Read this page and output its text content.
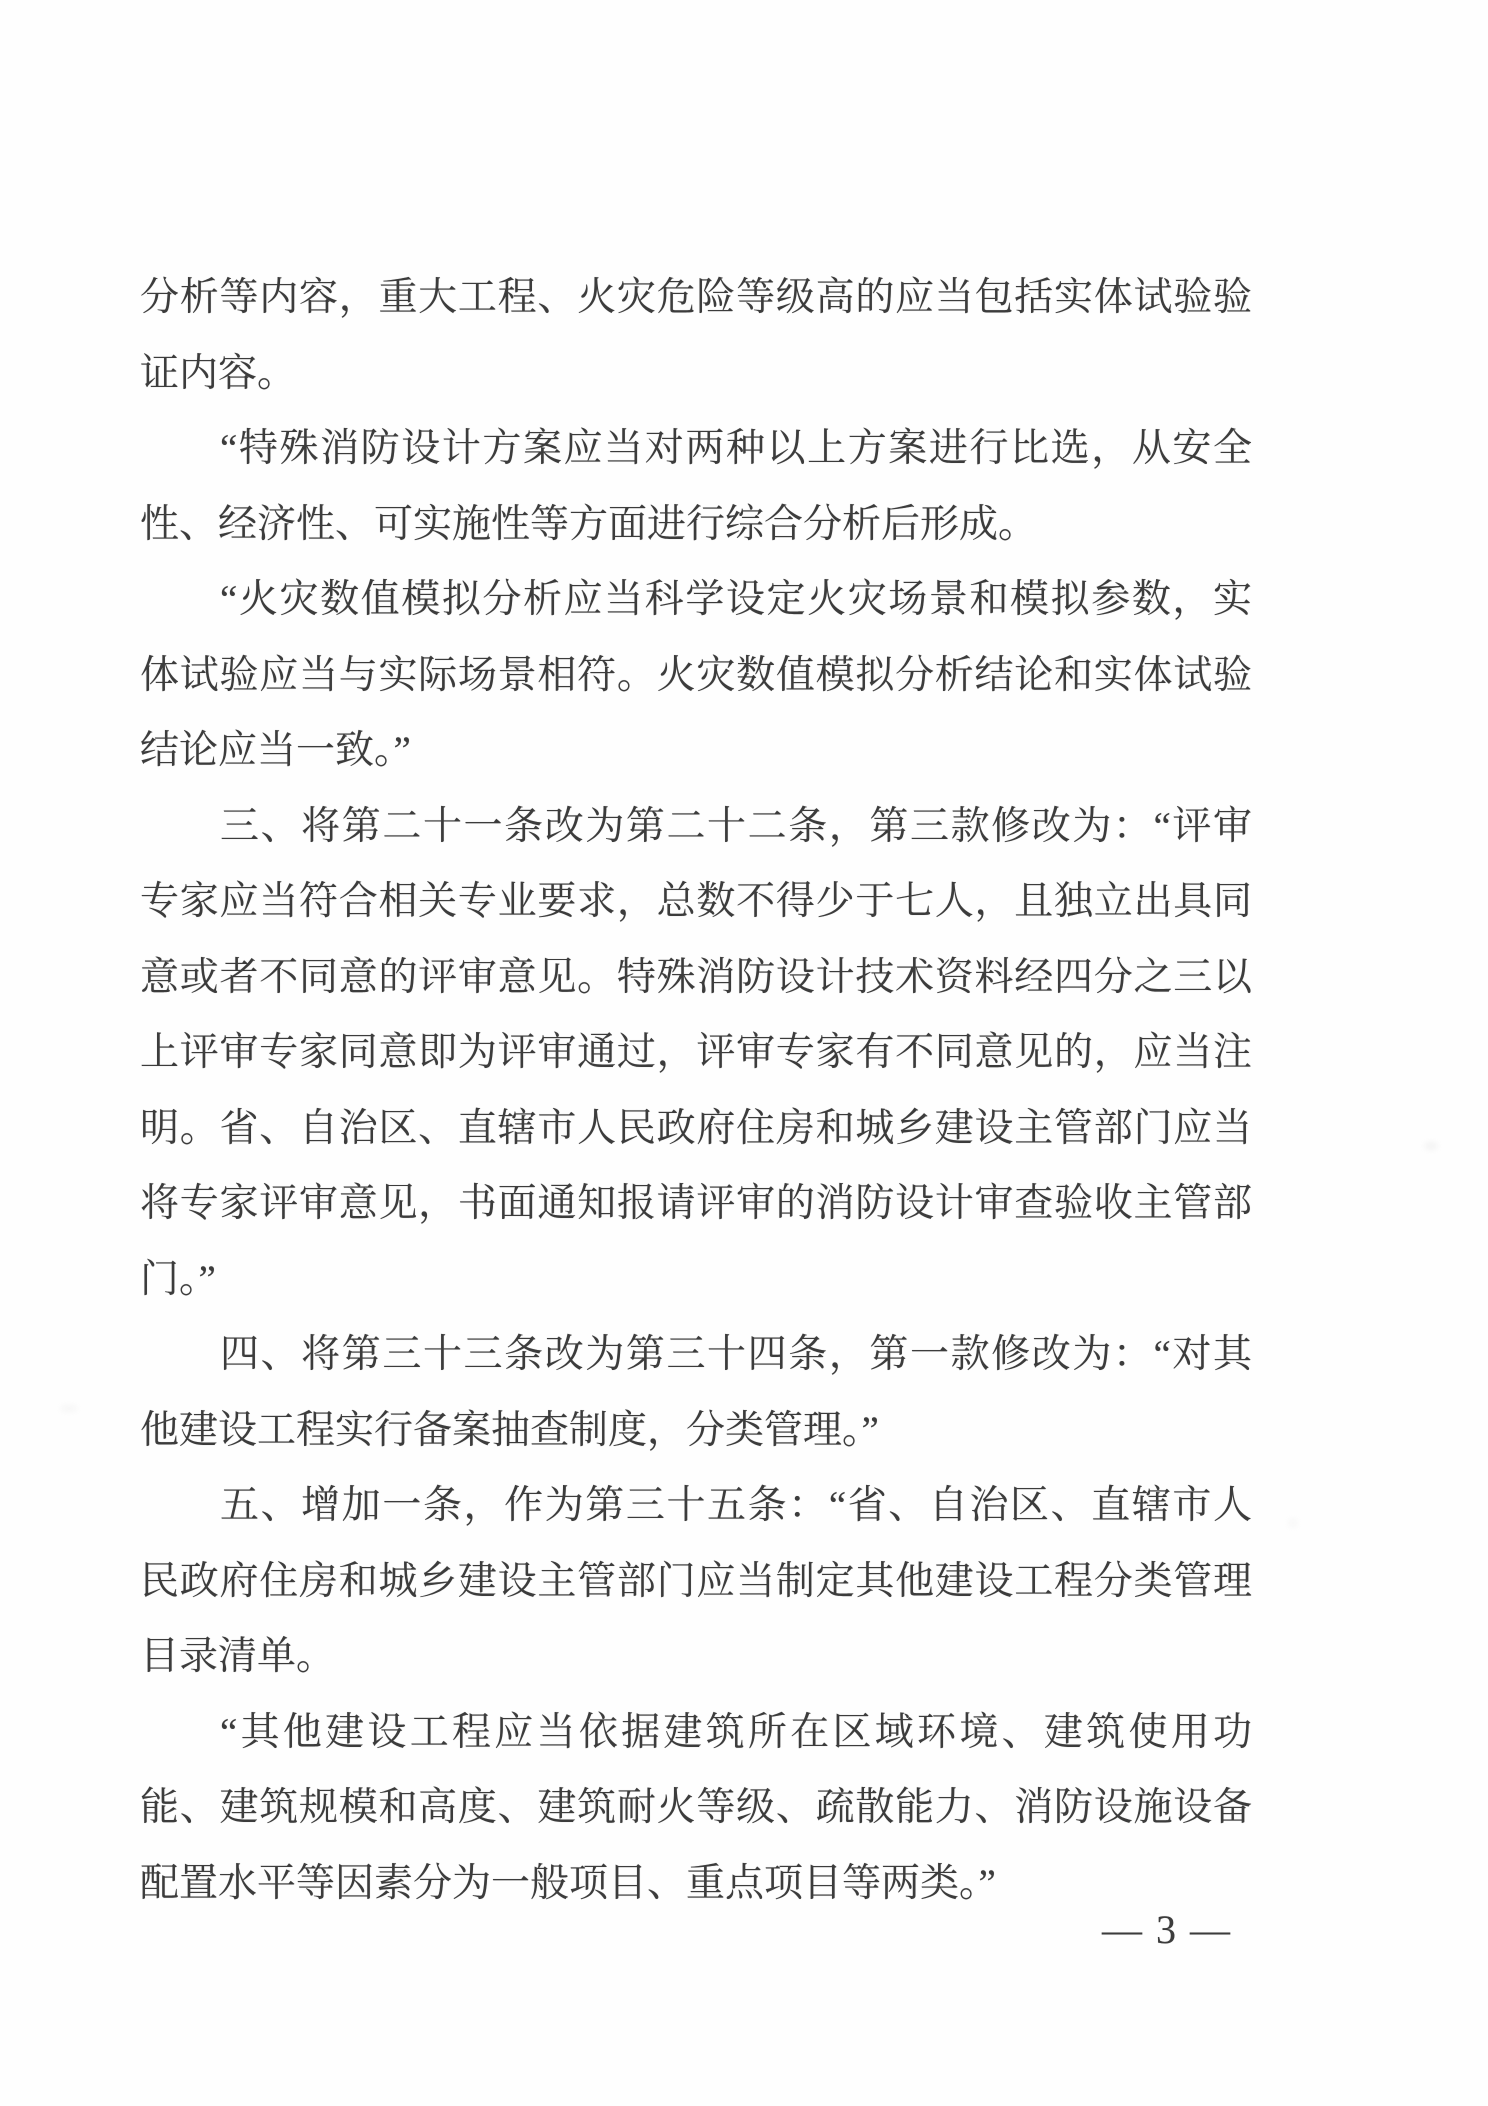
分析等内容，重大工程、火灾危险等级高的应当包括实体试验验
证内容。
“特殊消防设计方案应当对两种以上方案进行比选，从安全
性、经济性、可实施性等方面进行综合分析后形成。
“火灾数值模拟分析应当科学设定火灾场景和模拟参数，实
体试验应当与实际场景相符。火灾数值模拟分析结论和实体试验
结论应当一致。”
三、将第二十一条改为第二十二条，第三款修改为：“评审
专家应当符合相关专业要求，总数不得少于七人，且独立出具同
意或者不同意的评审意见。特殊消防设计技术资料经四分之三以
上评审专家同意即为评审通过，评审专家有不同意见的，应当注
明。省、自治区、直辖市人民政府住房和城乡建设主管部门应当
将专家评审意见，书面通知报请评审的消防设计审查验收主管部
门。”
四、将第三十三条改为第三十四条，第一款修改为：“对其
他建设工程实行备案抽查制度，分类管理。”
五、增加一条，作为第三十五条：“省、自治区、直辖市人
民政府住房和城乡建设主管部门应当制定其他建设工程分类管理
目录清单。
“其他建设工程应当依据建筑所在区域环境、建筑使用功
能、建筑规模和高度、建筑耐火等级、疏散能力、消防设施设备
配置水平等因素分为一般项目、重点项目等两类。”
— 3 —
